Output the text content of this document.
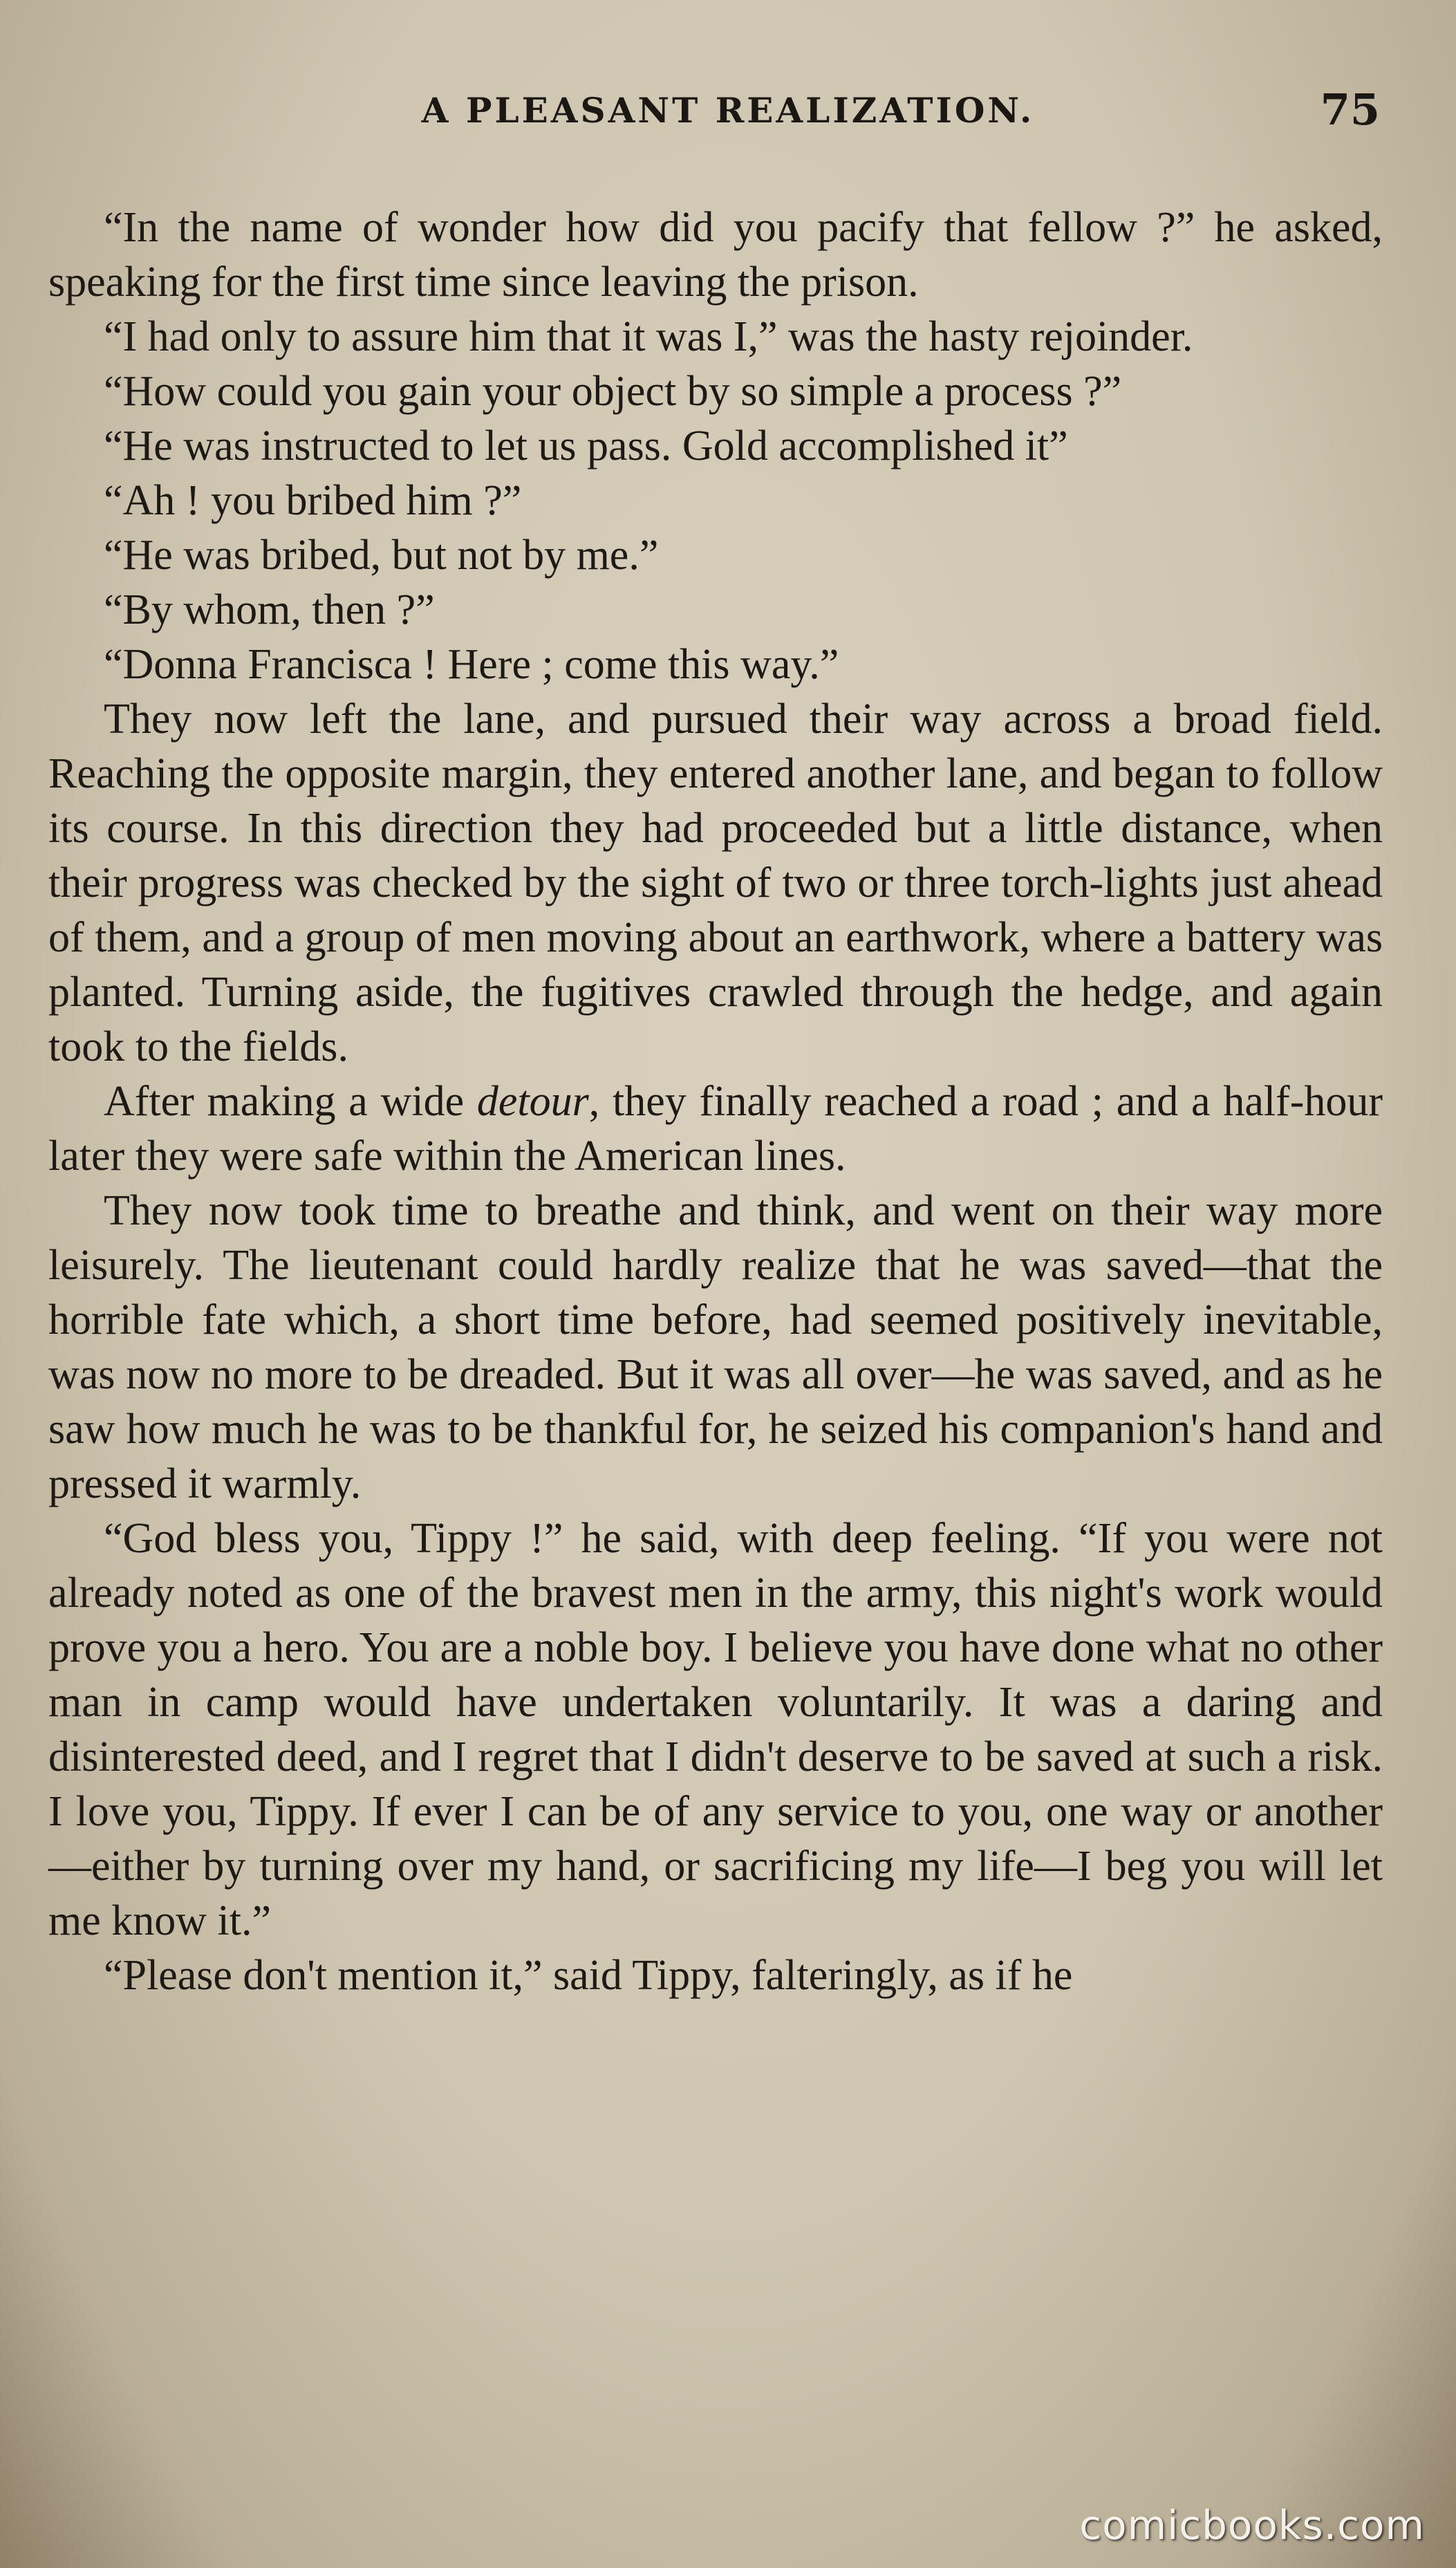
A PLEASANT REALIZATION.	75

“In the name of wonder how did you pacify that fellow ?” he asked, speaking for the first time since leaving the prison.

“I had only to assure him that it was I,” was the hasty rejoinder.

“How could you gain your object by so simple a process ?”

“He was instructed to let us pass. Gold accomplished it”

“Ah ! you bribed him ?”

“He was bribed, but not by me.”

“By whom, then ?”

“Donna Francisca ! Here ; come this way.”

They now left the lane, and pursued their way across a broad field. Reaching the opposite margin, they entered another lane, and began to follow its course. In this direction they had proceeded but a little distance, when their progress was checked by the sight of two or three torch-lights just ahead of them, and a group of men moving about an earthwork, where a battery was planted. Turning aside, the fugitives crawled through the hedge, and again took to the fields.

After making a wide detour, they finally reached a road ; and a half-hour later they were safe within the American lines.

They now took time to breathe and think, and went on their way more leisurely. The lieutenant could hardly realize that he was saved—that the horrible fate which, a short time before, had seemed positively inevitable, was now no more to be dreaded. But it was all over—he was saved, and as he saw how much he was to be thankful for, he seized his companion's hand and pressed it warmly.

“God bless you, Tippy !” he said, with deep feeling. “If you were not already noted as one of the bravest men in the army, this night's work would prove you a hero. You are a noble boy. I believe you have done what no other man in camp would have undertaken voluntarily. It was a daring and disinterested deed, and I regret that I didn't deserve to be saved at such a risk. I love you, Tippy. If ever I can be of any service to you, one way or another—either by turning over my hand, or sacrificing my life—I beg you will let me know it.”

“Please don't mention it,” said Tippy, falteringly, as if he

comicbooks.com
